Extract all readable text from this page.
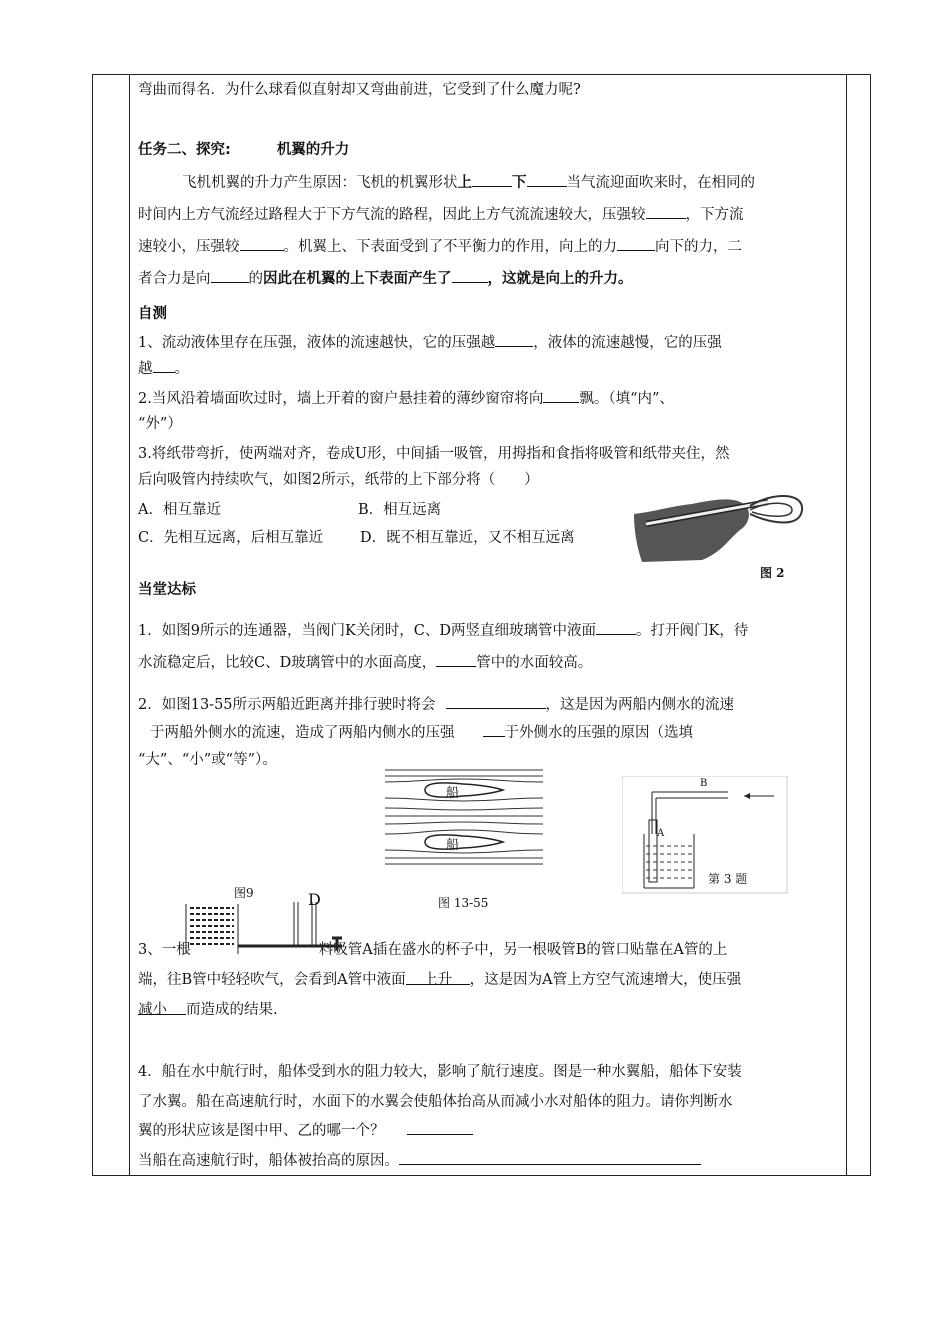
弯曲而得名．为什么球看似直射却又弯曲前进，它受到了什么魔力呢?
任务二、探究:	机翼的升力
飞机机翼的升力产生原因：飞机的机翼形状上	下	当气流迎面吹来时，在相同的
时间内上方气流经过路程大于下方气流的路程，因此上方气流流速较大，压强较	，下方流
速较小，压强较	。机翼上、下表面受到了不平衡力的作用，向上的力	向下的力，二
者合力是向	的因此在机翼的上下表面产生了 ，这就是向上的升力。
自测
1、流动液体里存在压强，液体的流速越快，它的压强越	，液体的流速越慢，它的压强
越 。
2.当风沿着墙面吹过时，墙上开着的窗户悬挂着的薄纱窗帘将向 飘。（填“内”、
“外”）
3.将纸带弯折，使两端对齐，卷成U形，中间插一吸管，用拇指和食指将吸管和纸带夹住，然
后向吸管内持续吹气，如图2所示，纸带的上下部分将（　　）
A．相互靠近	B．相互远离
C．先相互远离，后相互靠近	D．既不相互靠近，又不相互远离
当堂达标
1．如图9所示的连通器，当阀门K关闭时，C、D两竖直细玻璃管中液面	。打开阀门K，待
水流稳定后，比较C、D玻璃管中的水面高度，	管中的水面较高。
2．如图13-55所示两船近距离并排行驶时将会	，这是因为两船内侧水的流速
于两船外侧水的流速，造成了两船内侧水的压强	于外侧水的压强的原因（选填
“大”、“小”或“等”）。
3、一根	料吸管A插在盛水的杯子中，另一根吸管B的管口贴靠在A管的上
端，往B管中轻轻吹气，会看到A管中液面 上升 ，这是因为A管上方空气流速增大，使压强
减小 而造成的结果.
4．船在水中航行时，船体受到水的阻力较大，影响了航行速度。图是一种水翼船，船体下安装
了水翼。船在高速航行时，水面下的水翼会使船体抬高从而减小水对船体的阻力。请你判断水
翼的形状应该是图中甲、乙的哪一个？
当船在高速航行时，船体被抬高的原因。
图 2
船
船
图 13-55
B
A
第 3 题
图9	D
